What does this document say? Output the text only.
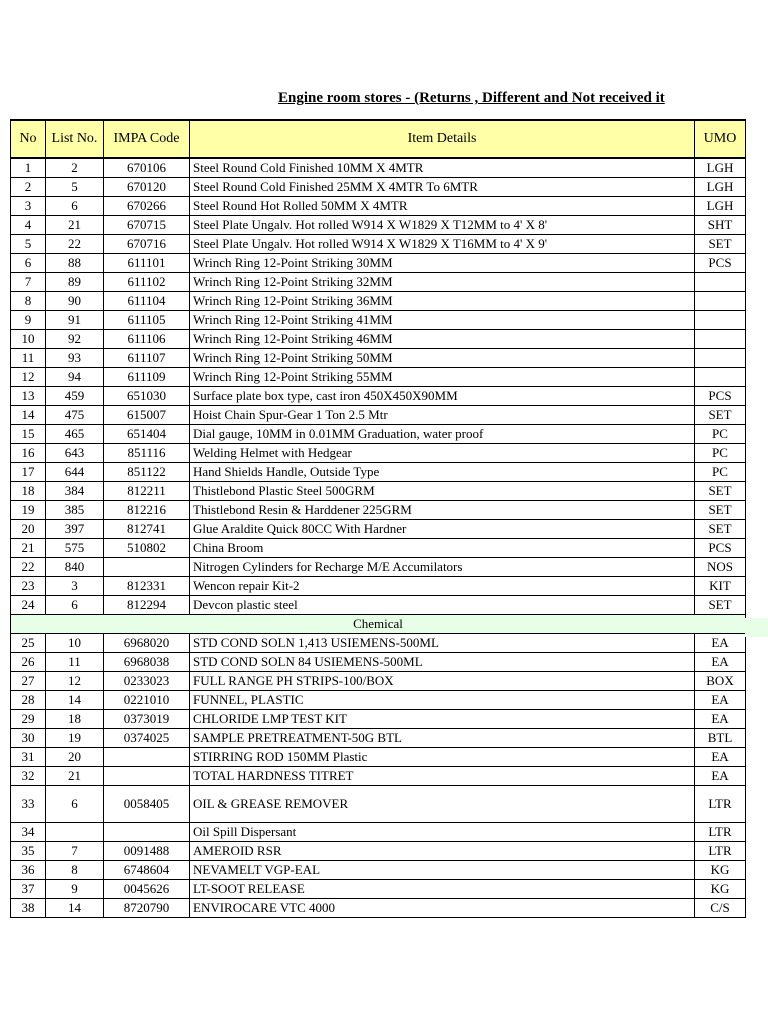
Engine room stores - (Returns , Different and Not received it
No	List No.	IMPA Code	Item Details	UMO
1	2	670106	Steel Round Cold Finished 10MM X 4MTR	LGH
2	5	670120	Steel Round Cold Finished 25MM X 4MTR To 6MTR	LGH
3	6	670266	Steel Round Hot Rolled 50MM X 4MTR	LGH
4	21	670715	Steel Plate Ungalv. Hot rolled W914 X W1829 X T12MM to 4' X 8'	SHT
5	22	670716	Steel Plate Ungalv. Hot rolled W914 X W1829 X T16MM to 4' X 9'	SET
6	88	611101	Wrinch Ring 12-Point Striking 30MM	PCS
7	89	611102	Wrinch Ring 12-Point Striking 32MM	
8	90	611104	Wrinch Ring 12-Point Striking 36MM	
9	91	611105	Wrinch Ring 12-Point Striking 41MM	
10	92	611106	Wrinch Ring 12-Point Striking 46MM	
11	93	611107	Wrinch Ring 12-Point Striking 50MM	
12	94	611109	Wrinch Ring 12-Point Striking 55MM	
13	459	651030	Surface plate box type, cast iron 450X450X90MM	PCS
14	475	615007	Hoist Chain Spur-Gear 1 Ton 2.5 Mtr	SET
15	465	651404	Dial gauge, 10MM in 0.01MM Graduation, water proof	PC
16	643	851116	Welding Helmet with Hedgear	PC
17	644	851122	Hand Shields Handle, Outside Type	PC
18	384	812211	Thistlebond Plastic Steel 500GRM	SET
19	385	812216	Thistlebond Resin & Harddener 225GRM	SET
20	397	812741	Glue Araldite Quick 80CC With Hardner	SET
21	575	510802	China Broom	PCS
22	840		Nitrogen Cylinders for Recharge M/E Accumilators	NOS
23	3	812331	Wencon repair Kit-2	KIT
24	6	812294	Devcon plastic steel	SET
Chemical				
25	10	6968020	STD COND SOLN 1,413 USIEMENS-500ML	EA
26	11	6968038	STD COND SOLN 84 USIEMENS-500ML	EA
27	12	0233023	FULL RANGE PH STRIPS-100/BOX	BOX
28	14	0221010	FUNNEL, PLASTIC	EA
29	18	0373019	CHLORIDE LMP TEST KIT	EA
30	19	0374025	SAMPLE PRETREATMENT-50G BTL	BTL
31	20		STIRRING ROD 150MM Plastic	EA
32	21		TOTAL HARDNESS TITRET	EA
33	6	0058405	OIL & GREASE REMOVER	LTR
34			Oil Spill Dispersant	LTR
35	7	0091488	AMEROID RSR	LTR
36	8	6748604	NEVAMELT VGP-EAL	KG
37	9	0045626	LT-SOOT RELEASE	KG
38	14	8720790	ENVIROCARE VTC 4000	C/S
